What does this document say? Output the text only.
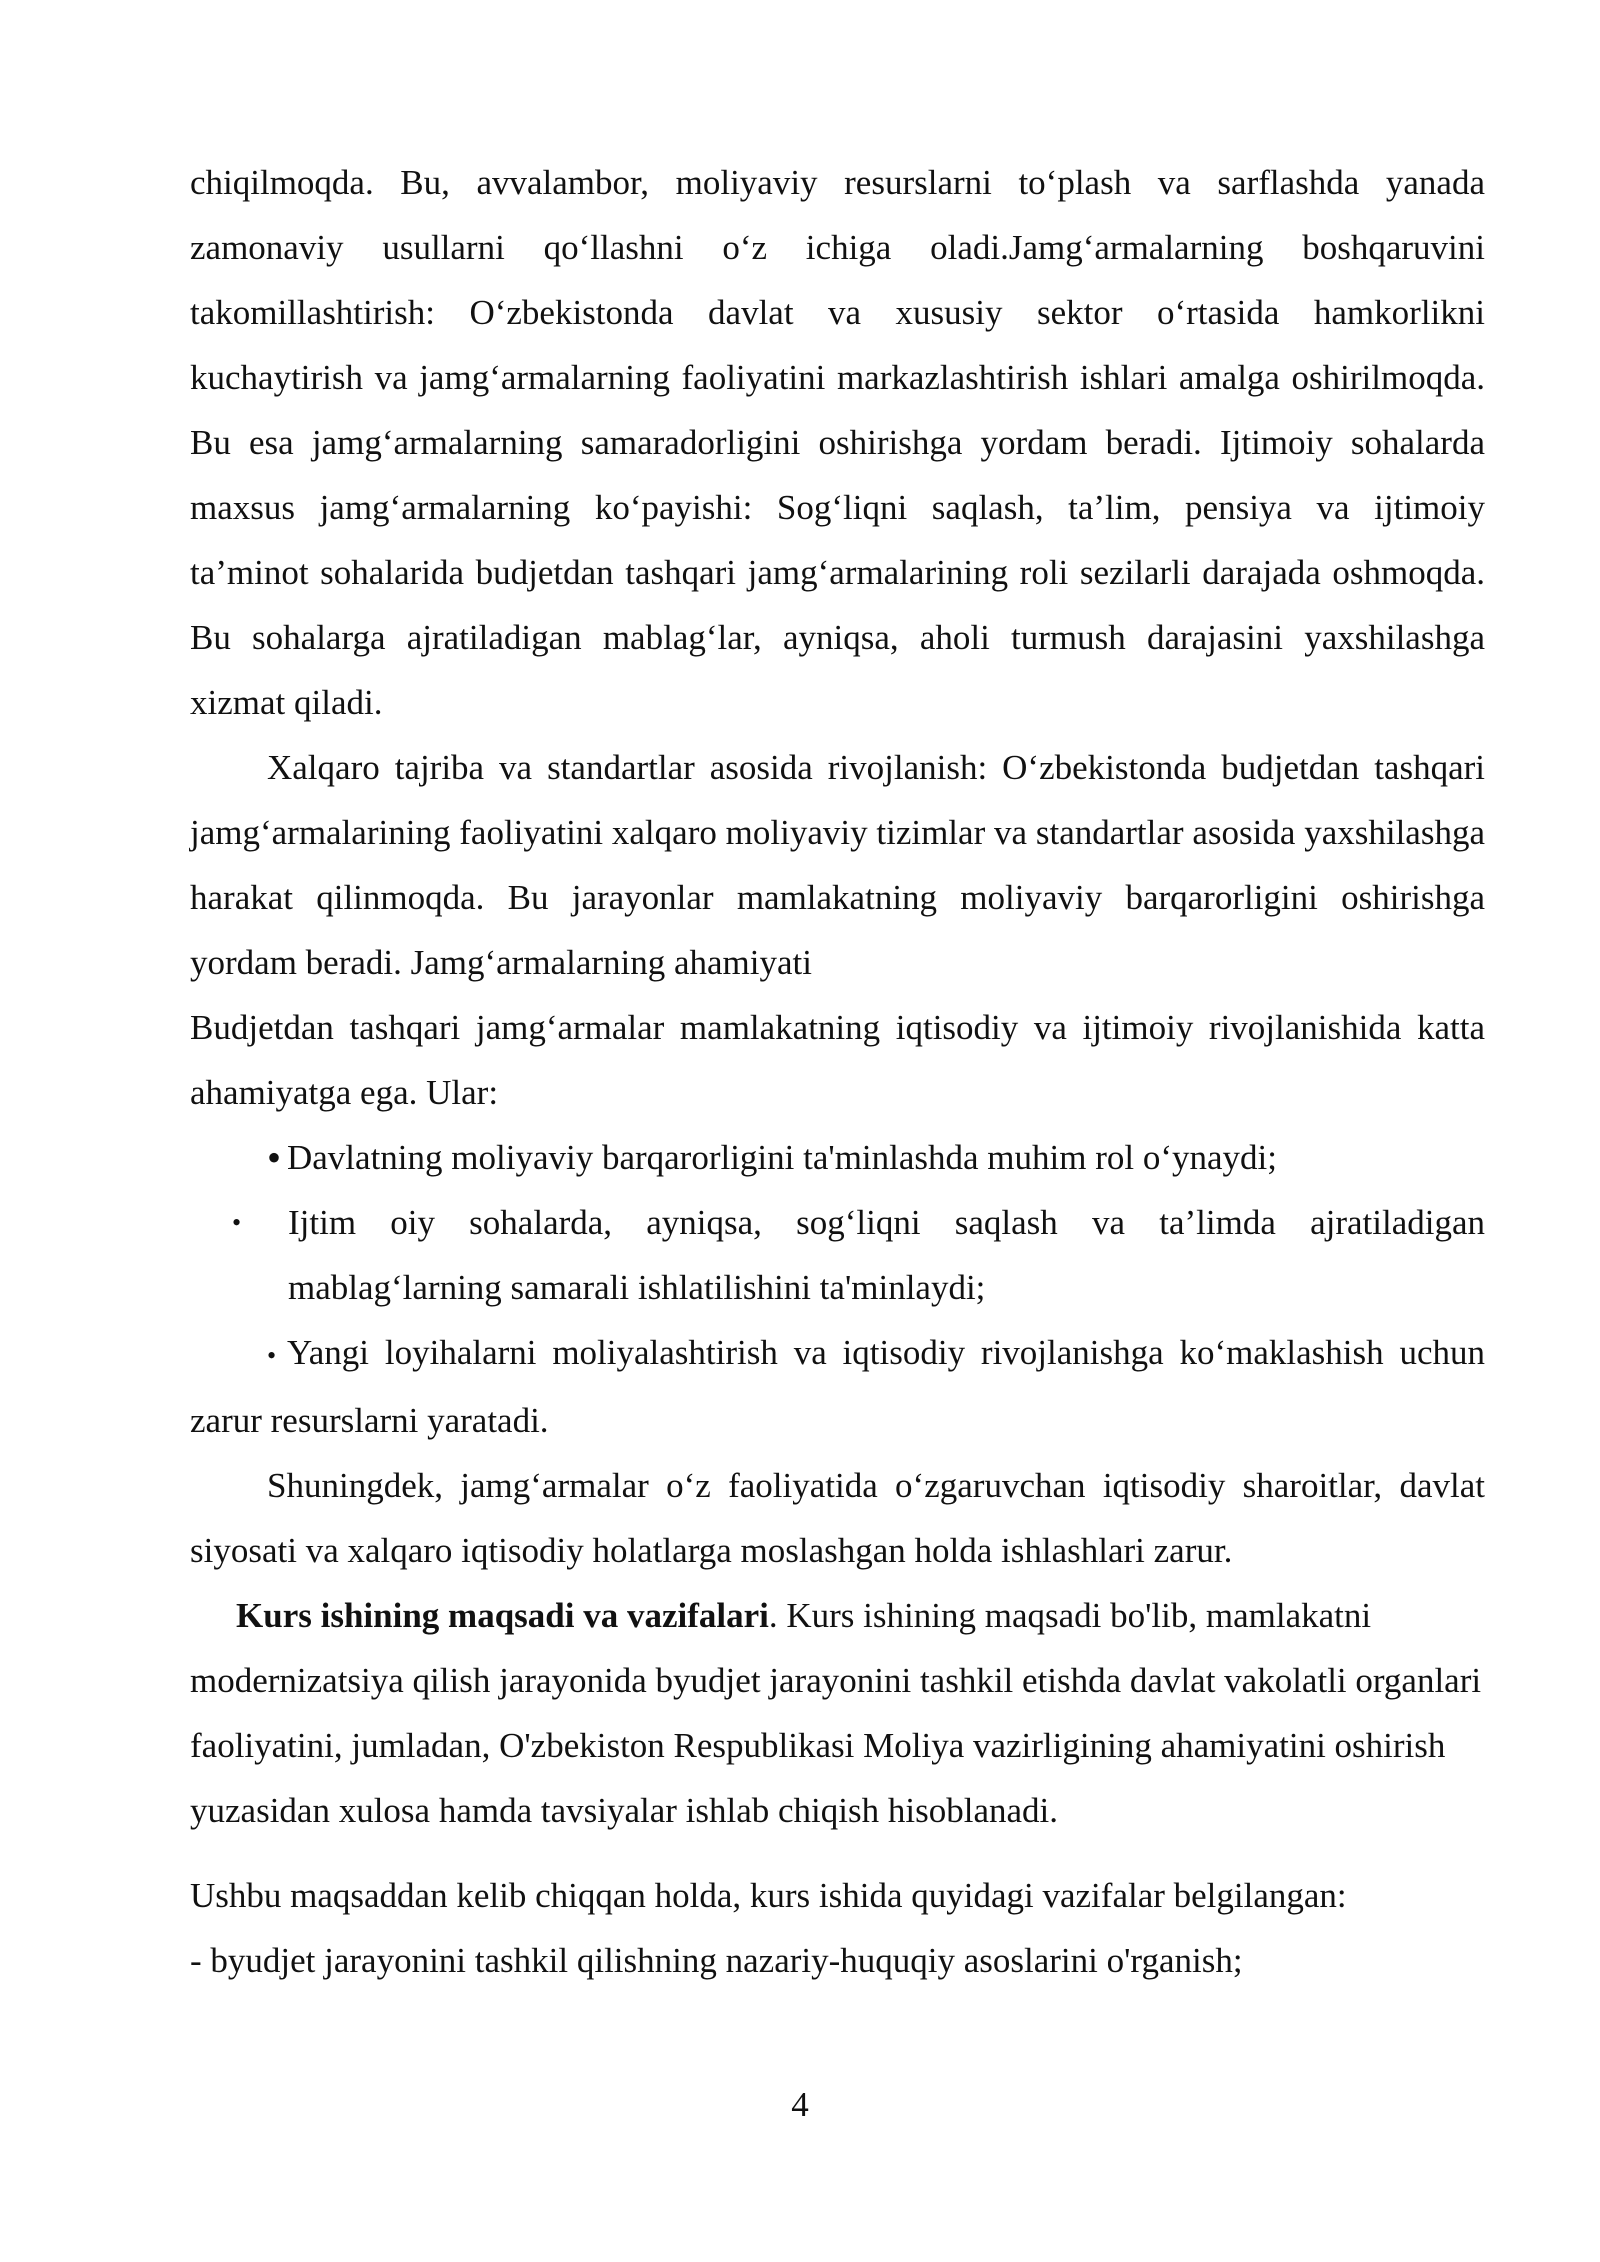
chiqilmoqda. Bu, avvalambor, moliyaviy resurslarni to‘plash va sarflashda yanada zamonaviy usullarni qo‘llashni o‘z ichiga oladi.Jamg‘armalarning boshqaruvini takomillashtirish: O‘zbekistonda davlat va xususiy sektor o‘rtasida hamkorlikni kuchaytirish va jamg‘armalarning faoliyatini markazlashtirish ishlari amalga oshirilmoqda. Bu esa jamg‘armalarning samaradorligini oshirishga yordam beradi. Ijtimoiy sohalarda maxsus jamg‘armalarning ko‘payishi: Sog‘liqni saqlash, ta’lim, pensiya va ijtimoiy ta’minot sohalarida budjetdan tashqari jamg‘armalarining roli sezilarli darajada oshmoqda. Bu sohalarga ajratiladigan mablag‘lar, ayniqsa, aholi turmush darajasini yaxshilashga xizmat qiladi.

Xalqaro tajriba va standartlar asosida rivojlanish: O‘zbekistonda budjetdan tashqari jamg‘armalarining faoliyatini xalqaro moliyaviy tizimlar va standartlar asosida yaxshilashga harakat qilinmoqda. Bu jarayonlar mamlakatning moliyaviy barqarorligini oshirishga yordam beradi. Jamg‘armalarning ahamiyati

Budjetdan tashqari jamg‘armalar mamlakatning iqtisodiy va ijtimoiy rivojlanishida katta ahamiyatga ega. Ular:

• Davlatning moliyaviy barqarorligini ta'minlashda muhim rol o‘ynaydi;
•	Ijtim oiy sohalarda, ayniqsa, sog‘liqni saqlash va ta’limda ajratiladigan mablag‘larning samarali ishlatilishini ta'minlaydi;

• Yangi loyihalarni moliyalashtirish va iqtisodiy rivojlanishga ko‘maklashish uchun zarur resurslarni yaratadi.

Shuningdek, jamg‘armalar o‘z faoliyatida o‘zgaruvchan iqtisodiy sharoitlar, davlat siyosati va xalqaro iqtisodiy holatlarga moslashgan holda ishlashlari zarur.

Kurs ishining maqsadi va vazifalari. Kurs ishining maqsadi bo'lib, mamlakatni modernizatsiya qilish jarayonida byudjet jarayonini tashkil etishda davlat vakolatli organlari faoliyatini, jumladan, O'zbekiston Respublikasi Moliya vazirligining ahamiyatini oshirish yuzasidan xulosa hamda tavsiyalar ishlab chiqish hisoblanadi.

Ushbu maqsaddan kelib chiqqan holda, kurs ishida quyidagi vazifalar belgilangan:

- byudjet jarayonini tashkil qilishning nazariy-huquqiy asoslarini o'rganish;

4
